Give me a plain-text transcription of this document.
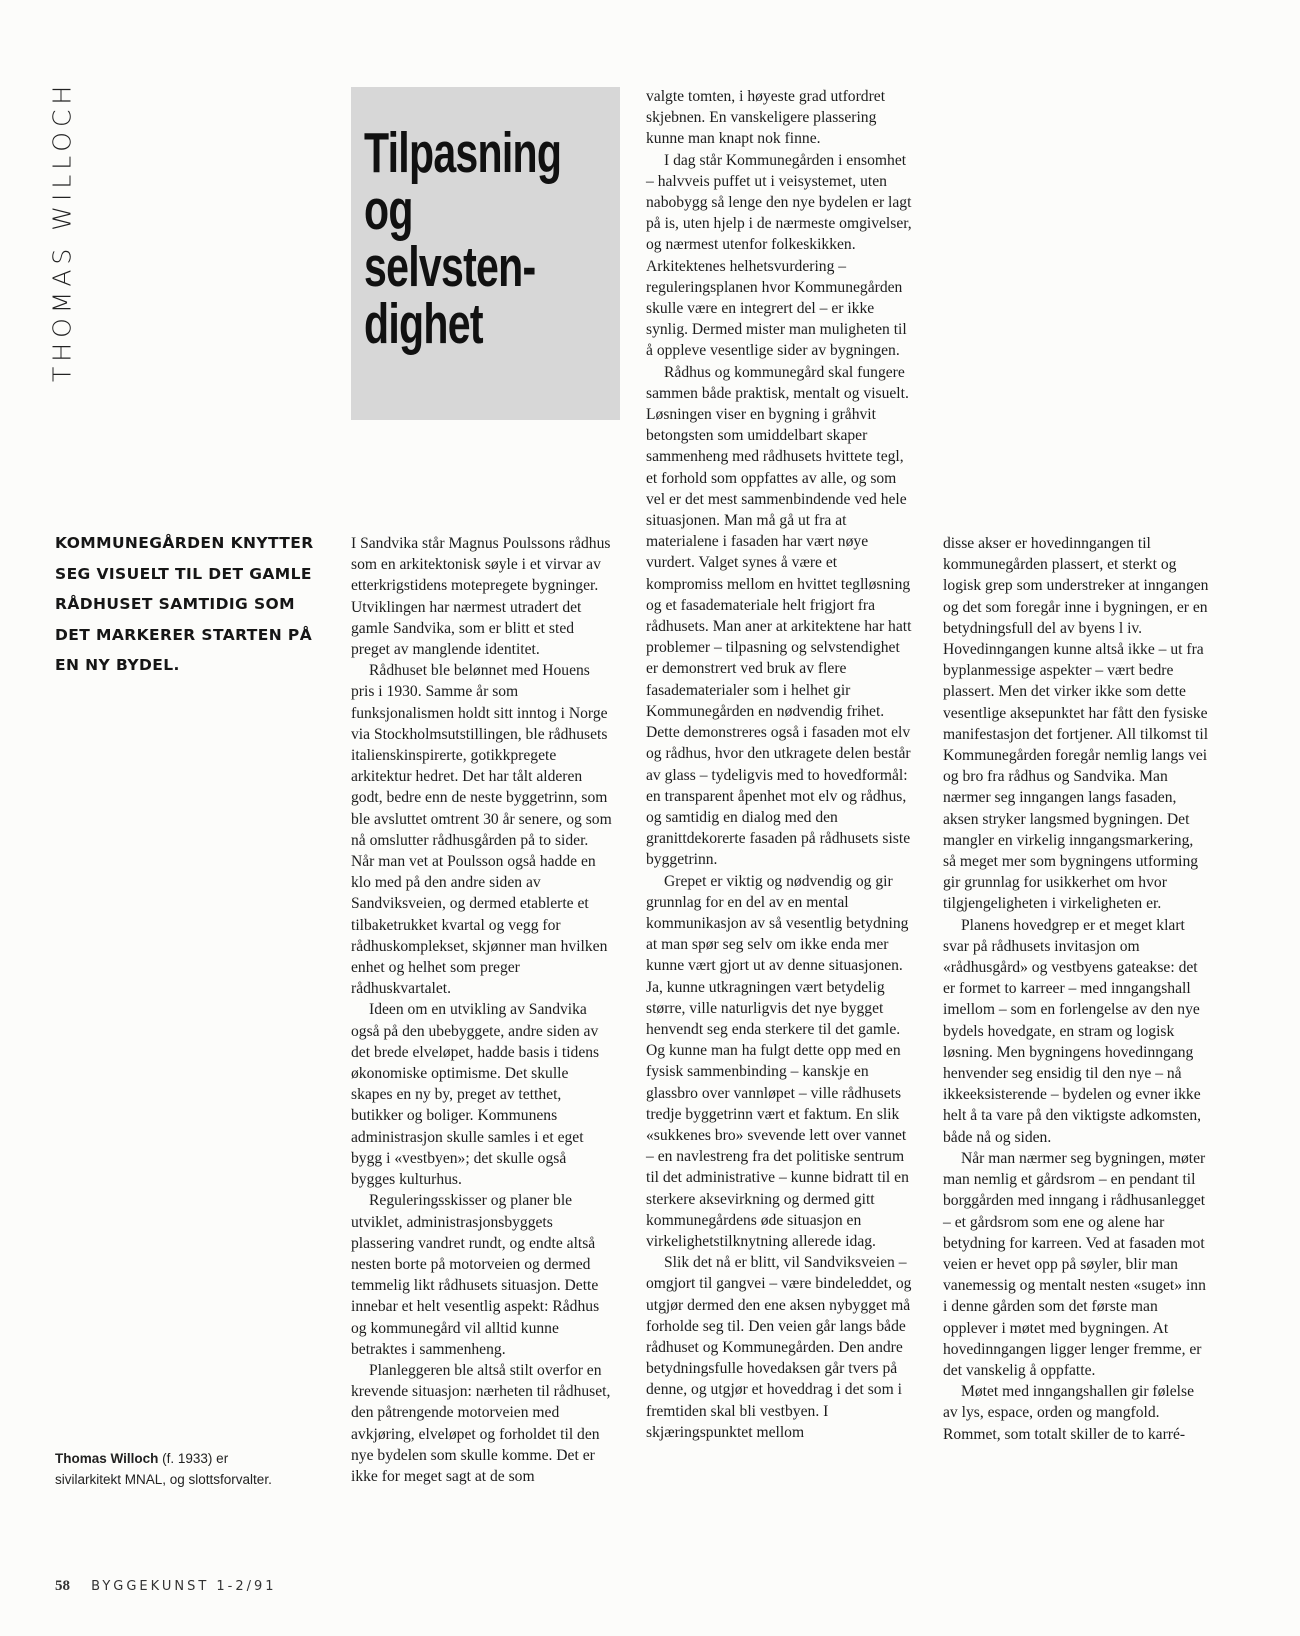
THOMAS WILLOCH	Tilpasning
og
selvsten-
dighet
KOMMUNEGÅRDEN KNYTTER SEG VISUELT TIL DET GAMLE RÅDHUSET SAMTIDIG SOM DET MARKERER STARTEN PÅ EN NY BYDEL.

I Sandvika står Magnus Poulssons rådhus som en arkitektonisk søyle i et virvar av etterkrigstidens motepregete bygninger. Utviklingen har nærmest utradert det gamle Sandvika, som er blitt et sted preget av manglende identitet.

Rådhuset ble belønnet med Houens pris i 1930. Samme år som funksjonalismen holdt sitt inntog i Norge via Stockholmsutstillingen, ble rådhusets italienskinspirerte, gotikkpregete arkitektur hedret. Det har tålt alderen godt, bedre enn de neste byggetrinn, som ble avsluttet omtrent 30 år senere, og som nå omslutter rådhusgården på to sider. Når man vet at Poulsson også hadde en klo med på den andre siden av Sandviksveien, og dermed etablerte et tilbaketrukket kvartal og vegg for rådhuskomplekset, skjønner man hvilken enhet og helhet som preger rådhuskvartalet.

Ideen om en utvikling av Sandvika også på den ubebyggete, andre siden av det brede elveløpet, hadde basis i tidens økonomiske optimisme. Det skulle skapes en ny by, preget av tetthet, butikker og boliger. Kommunens administrasjon skulle samles i et eget bygg i «vestbyen»; det skulle også bygges kulturhus.

Reguleringsskisser og planer ble utviklet, administrasjonsbyggets plassering vandret rundt, og endte altså nesten borte på motorveien og dermed temmelig likt rådhusets situasjon. Dette innebar et helt vesentlig aspekt: Rådhus og kommunegård vil alltid kunne betraktes i sammenheng.

Planleggeren ble altså stilt overfor en krevende situasjon: nærheten til rådhuset, den påtrengende motorveien med avkjøring, elveløpet og forholdet til den nye bydelen som skulle komme. Det er ikke for meget sagt at de som

valgte tomten, i høyeste grad utfordret skjebnen. En vanskeligere plassering kunne man knapt nok finne.

I dag står Kommunegården i ensomhet – halvveis puffet ut i veisystemet, uten nabobygg så lenge den nye bydelen er lagt på is, uten hjelp i de nærmeste omgivelser, og nærmest utenfor folkeskikken. Arkitektenes helhetsvurdering – reguleringsplanen hvor Kommunegården skulle være en integrert del – er ikke synlig. Dermed mister man muligheten til å oppleve vesentlige sider av bygningen.

Rådhus og kommunegård skal fungere sammen både praktisk, mentalt og visuelt. Løsningen viser en bygning i gråhvit betongsten som umiddelbart skaper sammenheng med rådhusets hvittete tegl, et forhold som oppfattes av alle, og som vel er det mest sammenbindende ved hele situasjonen. Man må gå ut fra at materialene i fasaden har vært nøye vurdert. Valget synes å være et kompromiss mellom en hvittet teglløsning og et fasademateriale helt frigjort fra rådhusets. Man aner at arkitektene har hatt problemer – tilpasning og selvstendighet er demonstrert ved bruk av flere fasadematerialer som i helhet gir Kommunegården en nødvendig frihet. Dette demonstreres også i fasaden mot elv og rådhus, hvor den utkragete delen består av glass – tydeligvis med to hovedformål: en transparent åpenhet mot elv og rådhus, og samtidig en dialog med den granittdekorerte fasaden på rådhusets siste byggetrinn.

Grepet er viktig og nødvendig og gir grunnlag for en del av en mental kommunikasjon av så vesentlig betydning at man spør seg selv om ikke enda mer kunne vært gjort ut av denne situasjonen. Ja, kunne utkragningen vært betydelig større, ville naturligvis det nye bygget henvendt seg enda sterkere til det gamle. Og kunne man ha fulgt dette opp med en fysisk sammenbinding – kanskje en glassbro over vannløpet – ville rådhusets tredje byggetrinn vært et faktum. En slik «sukkenes bro» svevende lett over vannet – en navlestreng fra det politiske sentrum til det administrative – kunne bidratt til en sterkere aksevirkning og dermed gitt kommunegårdens øde situasjon en virkelighetstilknytning allerede idag.

Slik det nå er blitt, vil Sandviksveien – omgjort til gangvei – være bindeleddet, og utgjør dermed den ene aksen nybygget må forholde seg til. Den veien går langs både rådhuset og Kommunegården. Den andre betydningsfulle hovedaksen går tvers på denne, og utgjør et hoveddrag i det som i fremtiden skal bli vestbyen. I skjæringspunktet mellom

disse akser er hovedinngangen til kommunegården plassert, et sterkt og logisk grep som understreker at inngangen og det som foregår inne i bygningen, er en betydningsfull del av byens l iv. Hovedinngangen kunne altså ikke – ut fra byplanmessige aspekter – vært bedre plassert. Men det virker ikke som dette vesentlige aksepunktet har fått den fysiske manifestasjon det fortjener. All tilkomst til Kommunegården foregår nemlig langs vei og bro fra rådhus og Sandvika. Man nærmer seg inngangen langs fasaden, aksen stryker langsmed bygningen. Det mangler en virkelig inngangsmarkering, så meget mer som bygningens utforming gir grunnlag for usikkerhet om hvor tilgjengeligheten i virkeligheten er.

Planens hovedgrep er et meget klart svar på rådhusets invitasjon om «rådhusgård» og vestbyens gateakse: det er formet to karreer – med inngangshall imellom – som en forlengelse av den nye bydels hovedgate, en stram og logisk løsning. Men bygningens hovedinngang henvender seg ensidig til den nye – nå ikkeeksisterende – bydelen og evner ikke helt å ta vare på den viktigste adkomsten, både nå og siden.

Når man nærmer seg bygningen, møter man nemlig et gårdsrom – en pendant til borggården med inngang i rådhusanlegget – et gårdsrom som ene og alene har betydning for karreen. Ved at fasaden mot veien er hevet opp på søyler, blir man vanemessig og mentalt nesten «suget» inn i denne gården som det første man opplever i møtet med bygningen. At hovedinngangen ligger lenger fremme, er det vanskelig å oppfatte.

Møtet med inngangshallen gir følelse av lys, espace, orden og mangfold. Rommet, som totalt skiller de to karré-

Thomas Willoch (f. 1933) er sivilarkitekt MNAL, og slottsforvalter.
58 BYGGEKUNST 1-2/91
